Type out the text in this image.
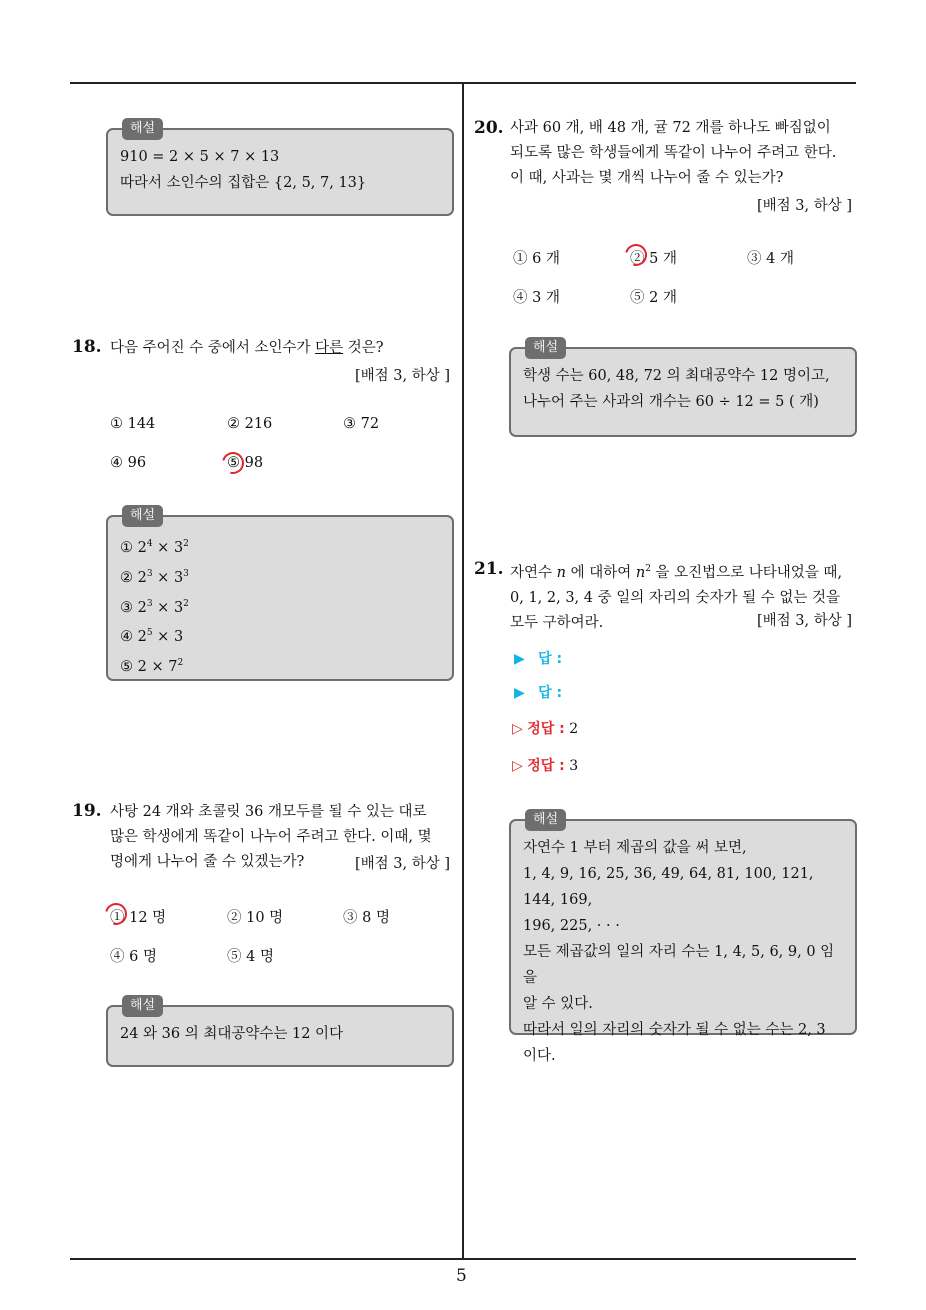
해설
910 = 2 × 5 × 7 × 13
따라서 소인수의 집합은 {2, 5, 7, 13}
18. 다음 주어진 수 중에서 소인수가 다른 것은?
[배점 3, 하상 ]
① 144	② 216	③ 72
④ 96	⑤ 98
해설
① $2^4 \times 3^2$
② $2^3 \times 3^3$
③ $2^3 \times 3^2$
④ $2^5 \times 3$
⑤ $2 \times 7^2$
19. 사탕 24 개와 초콜릿 36 개모두를 될 수 있는 대로
많은 학생에게 똑같이 나누어 주려고 한다. 이때, 몇
명에게 나누어 줄 수 있겠는가?	[배점 3, 하상 ]
① 12 명	② 10 명	③ 8 명
④ 6 명	⑤ 4 명
해설
24 와 36 의 최대공약수는 12 이다
20. 사과 60 개, 배 48 개, 귤 72 개를 하나도 빠짐없이
되도록 많은 학생들에게 똑같이 나누어 주려고 한다.
이 때, 사과는 몇 개씩 나누어 줄 수 있는가?
[배점 3, 하상 ]
① 6 개	② 5 개	③ 4 개
④ 3 개	⑤ 2 개
해설
학생 수는 60, 48, 72 의 최대공약수 12 명이고,
나누어 주는 사과의 개수는 60 ÷ 12 = 5 ( 개)
21. 자연수 n 에 대하여 $n^2$ 을 오진법으로 나타내었을 때,
0, 1, 2, 3, 4 중 일의 자리의 숫자가 될 수 없는 것을
모두 구하여라.	[배점 3, 하상 ]
▶ 답 :
▶ 답 :
▷ 정답 : 2
▷ 정답 : 3
해설
자연수 1 부터 제곱의 값을 써 보면,
1, 4, 9, 16, 25, 36, 49, 64, 81, 100, 121, 144, 169,
196, 225, · · ·
모든 제곱값의 일의 자리 수는 1, 4, 5, 6, 9, 0 임을
알 수 있다.
따라서 일의 자리의 숫자가 될 수 없는 수는 2, 3
이다.
5
